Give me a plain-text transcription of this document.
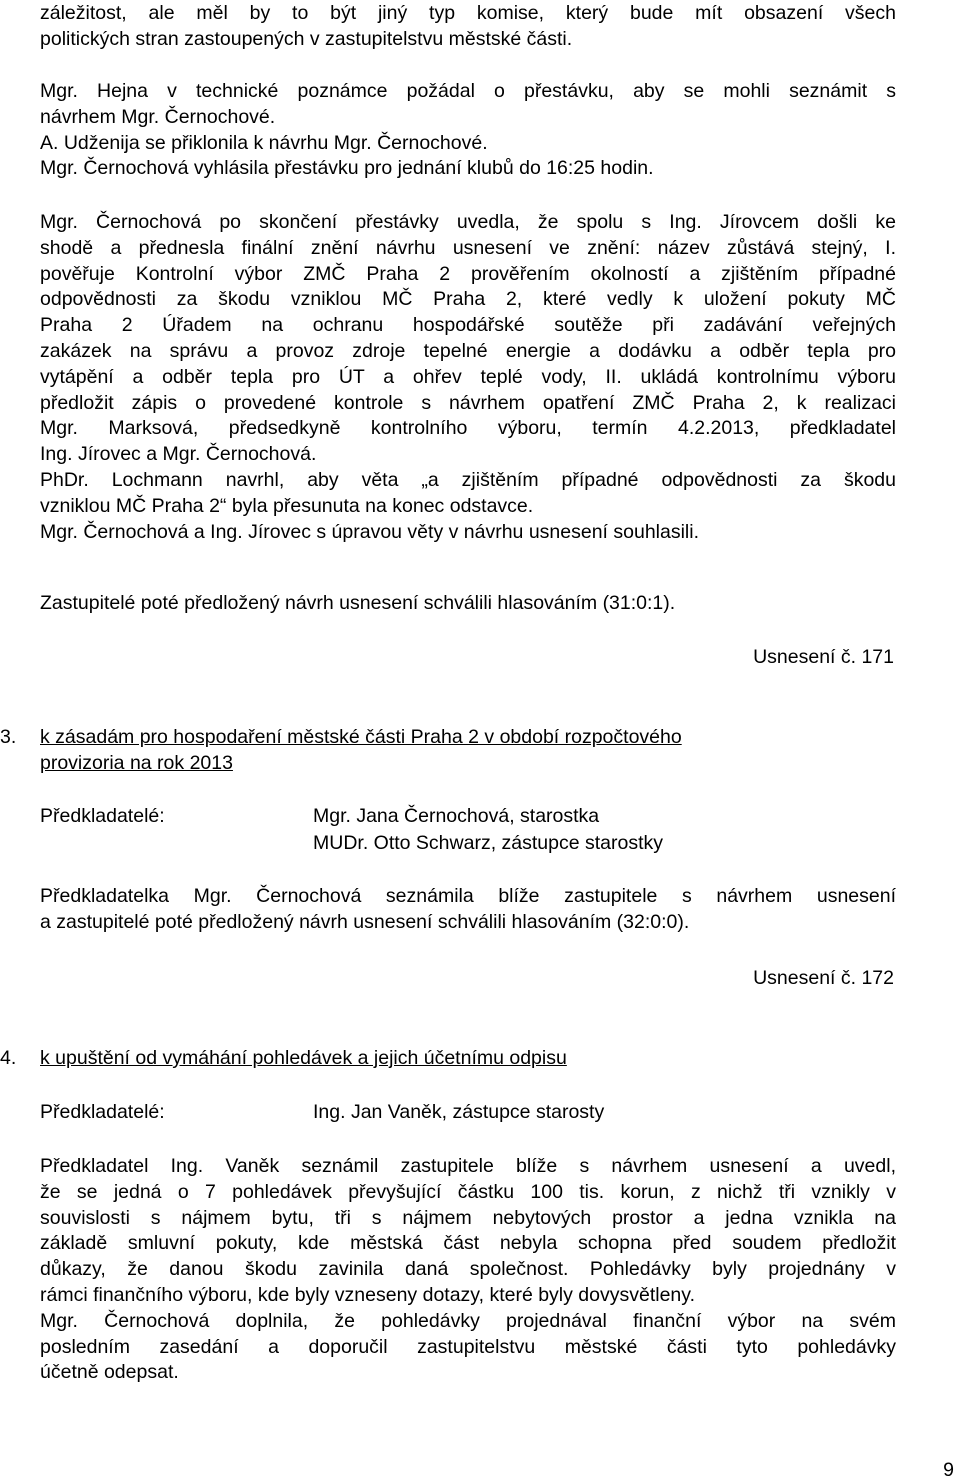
záležitost, ale měl by to být jiný typ komise, který bude mít obsazení všech
politických stran zastoupených v zastupitelstvu městské části.
Mgr. Hejna v technické poznámce požádal o přestávku, aby se mohli seznámit s
návrhem Mgr. Černochové.
A. Udženija se přiklonila k návrhu Mgr. Černochové.
Mgr. Černochová vyhlásila přestávku pro jednání klubů do 16:25 hodin.
Mgr. Černochová po skončení přestávky uvedla, že spolu s Ing. Jírovcem došli ke
shodě a přednesla finální znění návrhu usnesení ve znění: název zůstává stejný, I.
pověřuje Kontrolní výbor ZMČ Praha 2 prověřením okolností a zjištěním případné
odpovědnosti za škodu vzniklou MČ Praha 2, které vedly k uložení pokuty MČ
Praha 2 Úřadem na ochranu hospodářské soutěže při zadávání veřejných
zakázek na správu a provoz zdroje tepelné energie a dodávku a odběr tepla pro
vytápění a odběr tepla pro ÚT a ohřev teplé vody, II. ukládá kontrolnímu výboru
předložit zápis o provedené kontrole s návrhem opatření ZMČ Praha 2, k realizaci
Mgr. Marksová, předsedkyně kontrolního výboru, termín 4.2.2013, předkladatel
Ing. Jírovec a Mgr. Černochová.
PhDr. Lochmann navrhl, aby věta „a zjištěním případné odpovědnosti za škodu
vzniklou MČ Praha 2“ byla přesunuta na konec odstavce.
Mgr. Černochová a Ing. Jírovec s úpravou věty v návrhu usnesení souhlasili.
Zastupitelé poté předložený návrh usnesení schválili hlasováním (31:0:1).
Usnesení č. 171
3. k zásadám pro hospodaření městské části Praha 2 v období rozpočtového
provizoria na rok 2013
Předkladatelé:	Mgr. Jana Černochová, starostka
MUDr. Otto Schwarz, zástupce starostky
Předkladatelka Mgr. Černochová seznámila blíže zastupitele s návrhem usnesení
a zastupitelé poté předložený návrh usnesení schválili hlasováním (32:0:0).
Usnesení č. 172
4. k upuštění od vymáhání pohledávek a jejich účetnímu odpisu
Předkladatelé:	Ing. Jan Vaněk, zástupce starosty
Předkladatel Ing. Vaněk seznámil zastupitele blíže s návrhem usnesení a uvedl,
že se jedná o 7 pohledávek převyšující částku 100 tis. korun, z nichž tři vznikly v
souvislosti s nájmem bytu, tři s nájmem nebytových prostor a jedna vznikla na
základě smluvní pokuty, kde městská část nebyla schopna před soudem předložit
důkazy, že danou škodu zavinila daná společnost. Pohledávky byly projednány v
rámci finančního výboru, kde byly vzneseny dotazy, které byly dovysvětleny.
Mgr. Černochová doplnila, že pohledávky projednával finanční výbor na svém
posledním zasedání a doporučil zastupitelstvu městské části tyto pohledávky
účetně odepsat.
9
